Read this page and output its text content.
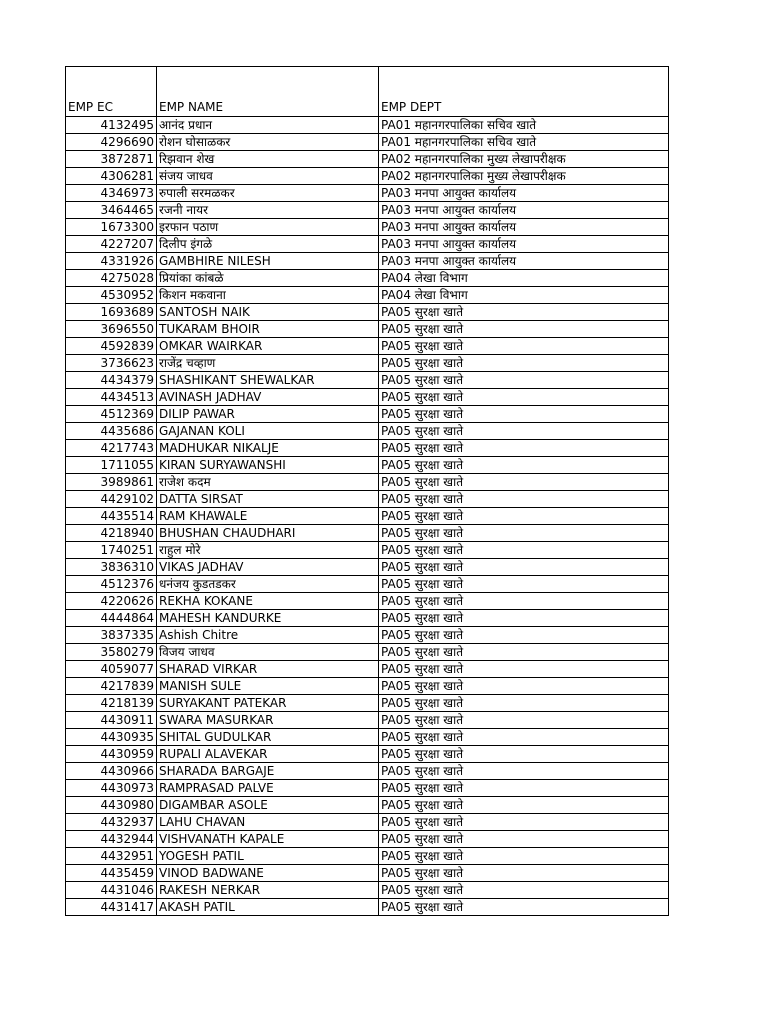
EMP EC	EMP NAME	EMP DEPT
4132495	आनंद प्रधान	PA01 महानगरपालिका सचिव खाते
4296690	रोशन घोसाळकर	PA01 महानगरपालिका सचिव खाते
3872871	रिझवान शेख	PA02 महानगरपालिका मुख्य लेखापरीक्षक
4306281	संजय जाधव	PA02 महानगरपालिका मुख्य लेखापरीक्षक
4346973	रुपाली सरमळकर	PA03 मनपा आयुक्त कार्यालय
3464465	रजनी नायर	PA03 मनपा आयुक्त कार्यालय
1673300	इरफान पठाण	PA03 मनपा आयुक्त कार्यालय
4227207	दिलीप इंगळे	PA03 मनपा आयुक्त कार्यालय
4331926	GAMBHIRE NILESH	PA03 मनपा आयुक्त कार्यालय
4275028	प्रियांका कांबळे	PA04 लेखा विभाग
4530952	किशन मकवाना	PA04 लेखा विभाग
1693689	SANTOSH NAIK	PA05 सुरक्षा खाते
3696550	TUKARAM BHOIR	PA05 सुरक्षा खाते
4592839	OMKAR WAIRKAR	PA05 सुरक्षा खाते
3736623	राजेंद्र चव्हाण	PA05 सुरक्षा खाते
4434379	SHASHIKANT SHEWALKAR	PA05 सुरक्षा खाते
4434513	AVINASH JADHAV	PA05 सुरक्षा खाते
4512369	DILIP PAWAR	PA05 सुरक्षा खाते
4435686	GAJANAN KOLI	PA05 सुरक्षा खाते
4217743	MADHUKAR NIKALJE	PA05 सुरक्षा खाते
1711055	KIRAN SURYAWANSHI	PA05 सुरक्षा खाते
3989861	राजेश कदम	PA05 सुरक्षा खाते
4429102	DATTA SIRSAT	PA05 सुरक्षा खाते
4435514	RAM KHAWALE	PA05 सुरक्षा खाते
4218940	BHUSHAN CHAUDHARI	PA05 सुरक्षा खाते
1740251	राहुल मोरे	PA05 सुरक्षा खाते
3836310	VIKAS JADHAV	PA05 सुरक्षा खाते
4512376	धनंजय कुडतडकर	PA05 सुरक्षा खाते
4220626	REKHA KOKANE	PA05 सुरक्षा खाते
4444864	MAHESH KANDURKE	PA05 सुरक्षा खाते
3837335	Ashish Chitre	PA05 सुरक्षा खाते
3580279	विजय जाधव	PA05 सुरक्षा खाते
4059077	SHARAD VIRKAR	PA05 सुरक्षा खाते
4217839	MANISH SULE	PA05 सुरक्षा खाते
4218139	SURYAKANT PATEKAR	PA05 सुरक्षा खाते
4430911	SWARA MASURKAR	PA05 सुरक्षा खाते
4430935	SHITAL GUDULKAR	PA05 सुरक्षा खाते
4430959	RUPALI ALAVEKAR	PA05 सुरक्षा खाते
4430966	SHARADA BARGAJE	PA05 सुरक्षा खाते
4430973	RAMPRASAD PALVE	PA05 सुरक्षा खाते
4430980	DIGAMBAR ASOLE	PA05 सुरक्षा खाते
4432937	LAHU CHAVAN	PA05 सुरक्षा खाते
4432944	VISHVANATH KAPALE	PA05 सुरक्षा खाते
4432951	YOGESH PATIL	PA05 सुरक्षा खाते
4435459	VINOD BADWANE	PA05 सुरक्षा खाते
4431046	RAKESH NERKAR	PA05 सुरक्षा खाते
4431417	AKASH PATIL	PA05 सुरक्षा खाते
